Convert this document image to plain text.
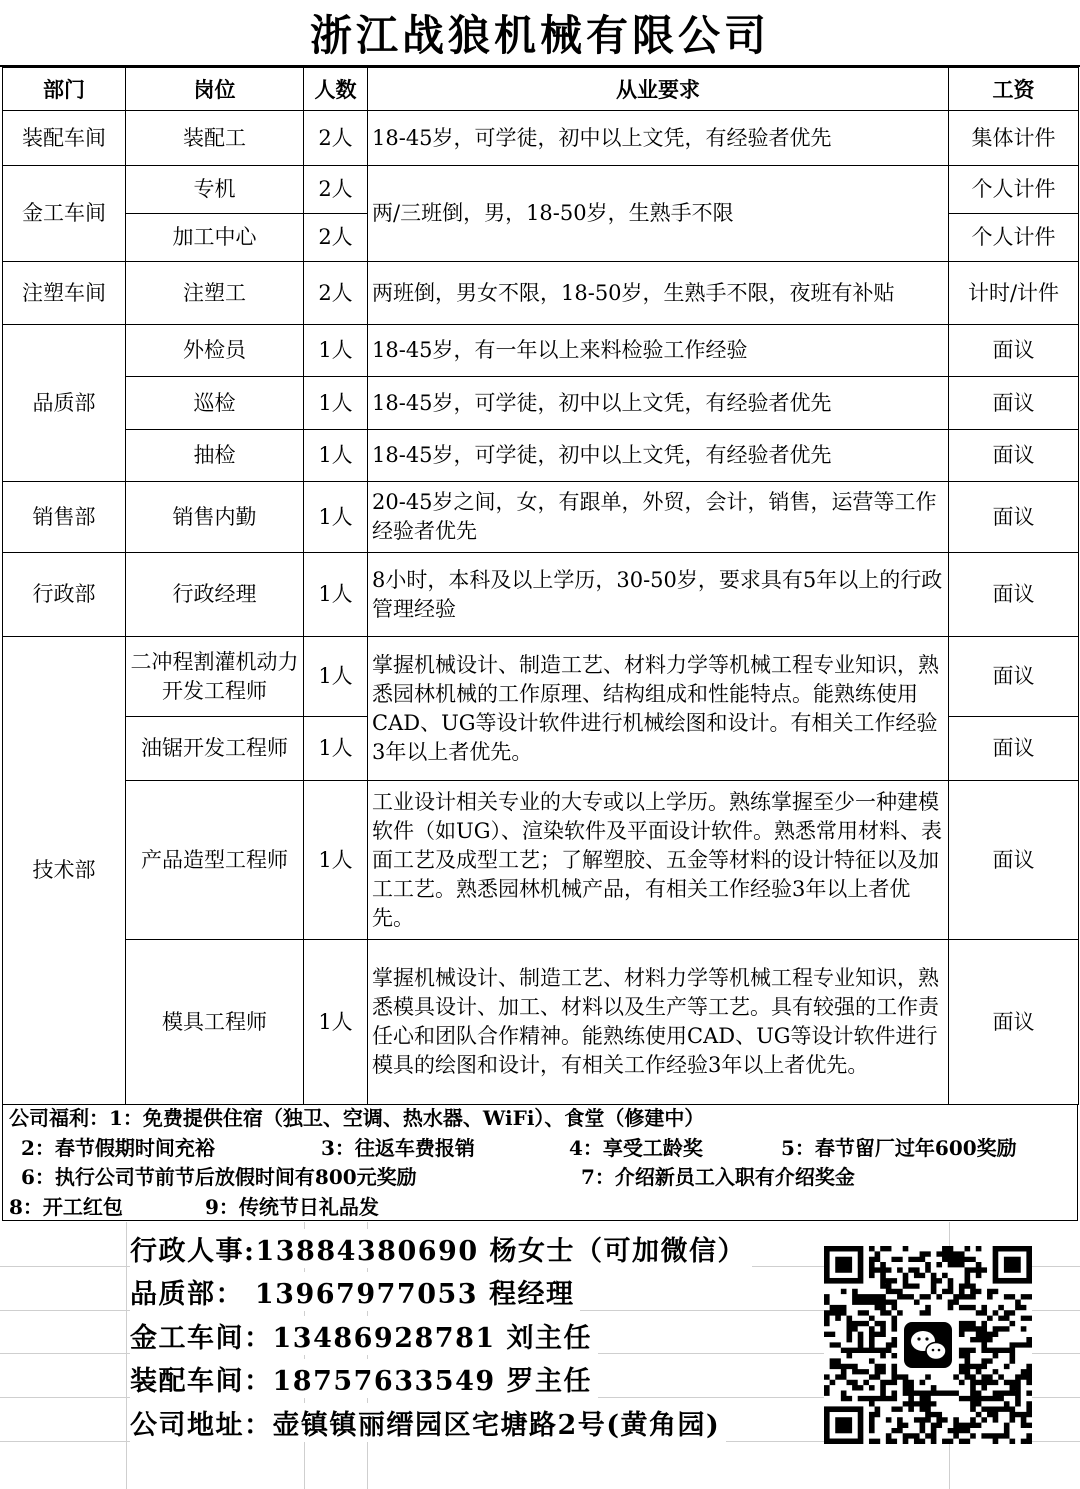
浙江战狼机械有限公司
部门	岗位	人数	从业要求	工资
装配车间	装配工	2人	18-45岁，可学徒，初中以上文凭，有经验者优先	集体计件
金工车间	专机	2人	两/三班倒，男，18-50岁，生熟手不限	个人计件
	加工中心	2人		个人计件
注塑车间	注塑工	2人	两班倒，男女不限，18-50岁，生熟手不限，夜班有补贴	计时/计件
品质部	外检员	1人	18-45岁，有一年以上来料检验工作经验	面议
	巡检	1人	18-45岁，可学徒，初中以上文凭，有经验者优先	面议
	抽检	1人	18-45岁，可学徒，初中以上文凭，有经验者优先	面议
销售部	销售内勤	1人	20-45岁之间，女，有跟单，外贸，会计，销售，运营等工作经验者优先	面议
行政部	行政经理	1人	8小时，本科及以上学历，30-50岁，要求具有5年以上的行政管理经验	面议
技术部	二冲程割灌机动力开发工程师	1人	掌握机械设计、制造工艺、材料力学等机械工程专业知识，熟悉园林机械的工作原理、结构组成和性能特点。能熟练使用CAD、UG等设计软件进行机械绘图和设计。有相关工作经验3年以上者优先。	面议
	油锯开发工程师	1人		面议
	产品造型工程师	1人	工业设计相关专业的大专或以上学历。熟练掌握至少一种建模软件（如UG）、渲染软件及平面设计软件。熟悉常用材料、表面工艺及成型工艺；了解塑胶、五金等材料的设计特征以及加工工艺。熟悉园林机械产品，有相关工作经验3年以上者优先。	面议
	模具工程师	1人	掌握机械设计、制造工艺、材料力学等机械工程专业知识，熟悉模具设计、加工、材料以及生产等工艺。具有较强的工作责任心和团队合作精神。能熟练使用CAD、UG等设计软件进行模具的绘图和设计，有相关工作经验3年以上者优先。	面议
公司福利：1：免费提供住宿（独卫、空调、热水器、WiFi）、食堂（修建中）
2：春节假期时间充裕	3：往返车费报销	4：享受工龄奖	5：春节留厂过年600奖励
6：执行公司节前节后放假时间有800元奖励	7：介绍新员工入职有介绍奖金
8：开工红包	9：传统节日礼品发
行政人事:13884380690 杨女士（可加微信）
品质部： 13967977053 程经理
金工车间：13486928781 刘主任
装配车间：18757633549 罗主任
公司地址：壶镇镇丽缙园区宅塘路2号(黄角园)
